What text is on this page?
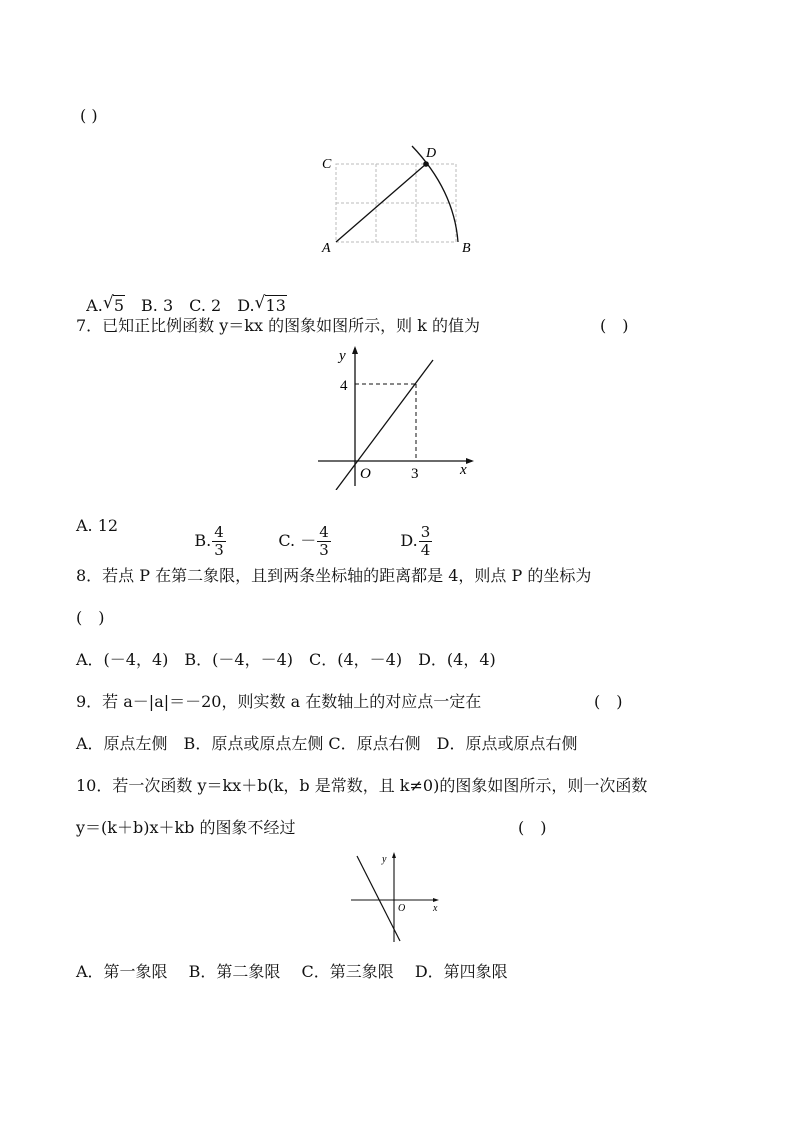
( )
C
D
A	B

A. √ 5　 B. 3　 C. 2　 D. √ 13

7．已知正比例函数 y＝kx 的图象如图所示，则 k 的值为	(　)
y
4
O	3	x

A. 12

B. $\frac{4}{3}$

	C. － $\frac{4}{3}$

	D. $\frac{3}{4}$

8．若点 P 在第二象限，且到两条坐标轴的距离都是 4，则点 P 的坐标为
(　)
A．(－4，4)　B．(－4，－4)　C．(4，－4)　D．(4，4)
9．若 a－|a|＝－20，则实数 a 在数轴上的对应点一定在	(　)
A．原点左侧　B．原点或原点左侧 C．原点右侧　D．原点或原点右侧
10．若一次函数 y＝kx＋b(k，b 是常数，且 k≠0)的图象如图所示，则一次函数
y＝(k＋b)x＋kb 的图象不经过	(　)
y
O	x
A．第一象限　 B．第二象限　 C．第三象限　 D．第四象限
